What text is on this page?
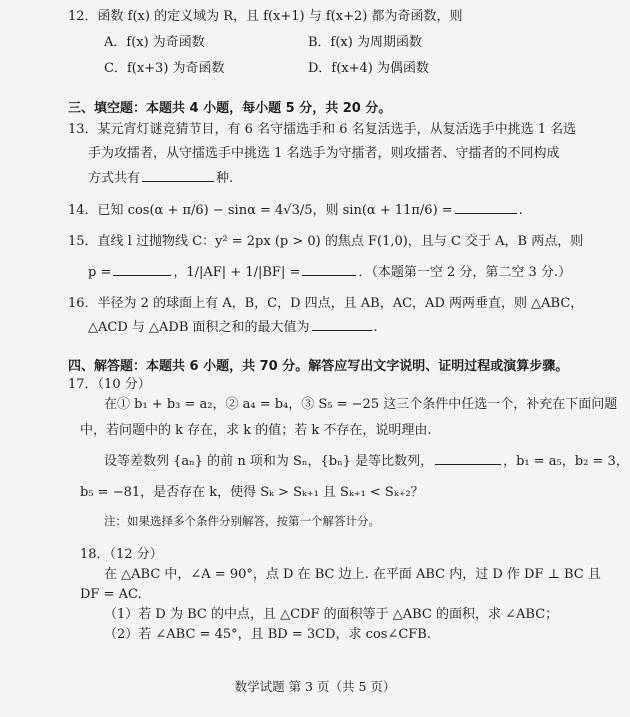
12．函数 f(x) 的定义域为 R，且 f(x+1) 与 f(x+2) 都为奇函数，则
A．f(x) 为奇函数	B．f(x) 为周期函数
C．f(x+3) 为奇函数	D．f(x+4) 为偶函数
三、填空题：本题共 4 小题，每小题 5 分，共 20 分。
13．某元宵灯谜竞猜节目，有 6 名守擂选手和 6 名复活选手，从复活选手中挑选 1 名选
手为攻擂者，从守擂选手中挑选 1 名选手为守擂者，则攻擂者、守擂者的不同构成
方式共有	种.
14．已知 cos(α + π/6) − sinα = 4√3/5，则 sin(α + 11π/6) =	.
15．直线 l 过抛物线 C：y² = 2px (p > 0) 的焦点 F(1,0)，且与 C 交于 A，B 两点，则
p =	，1/|AF| + 1/|BF| =	．（本题第一空 2 分，第二空 3 分.）
16．半径为 2 的球面上有 A，B，C，D 四点，且 AB，AC，AD 两两垂直，则 △ABC，
△ACD 与 △ADB 面积之和的最大值为	.
四、解答题：本题共 6 小题，共 70 分。解答应写出文字说明、证明过程或演算步骤。
17．（10 分）
在① b₁ + b₃ = a₂，② a₄ = b₄，③ S₅ = −25 这三个条件中任选一个，补充在下面问题
中，若问题中的 k 存在，求 k 的值；若 k 不存在，说明理由.
设等差数列 {aₙ} 的前 n 项和为 Sₙ，{bₙ} 是等比数列，	，b₁ = a₅，b₂ = 3，
b₅ = −81，是否存在 k，使得 Sₖ > Sₖ₊₁ 且 Sₖ₊₁ < Sₖ₊₂？
注：如果选择多个条件分别解答，按第一个解答计分。
18．（12 分）
在 △ABC 中，∠A = 90°，点 D 在 BC 边上. 在平面 ABC 内，过 D 作 DF ⊥ BC 且
DF = AC.
（1）若 D 为 BC 的中点，且 △CDF 的面积等于 △ABC 的面积，求 ∠ABC；
（2）若 ∠ABC = 45°，且 BD = 3CD，求 cos∠CFB.
数学试题 第 3 页（共 5 页）
